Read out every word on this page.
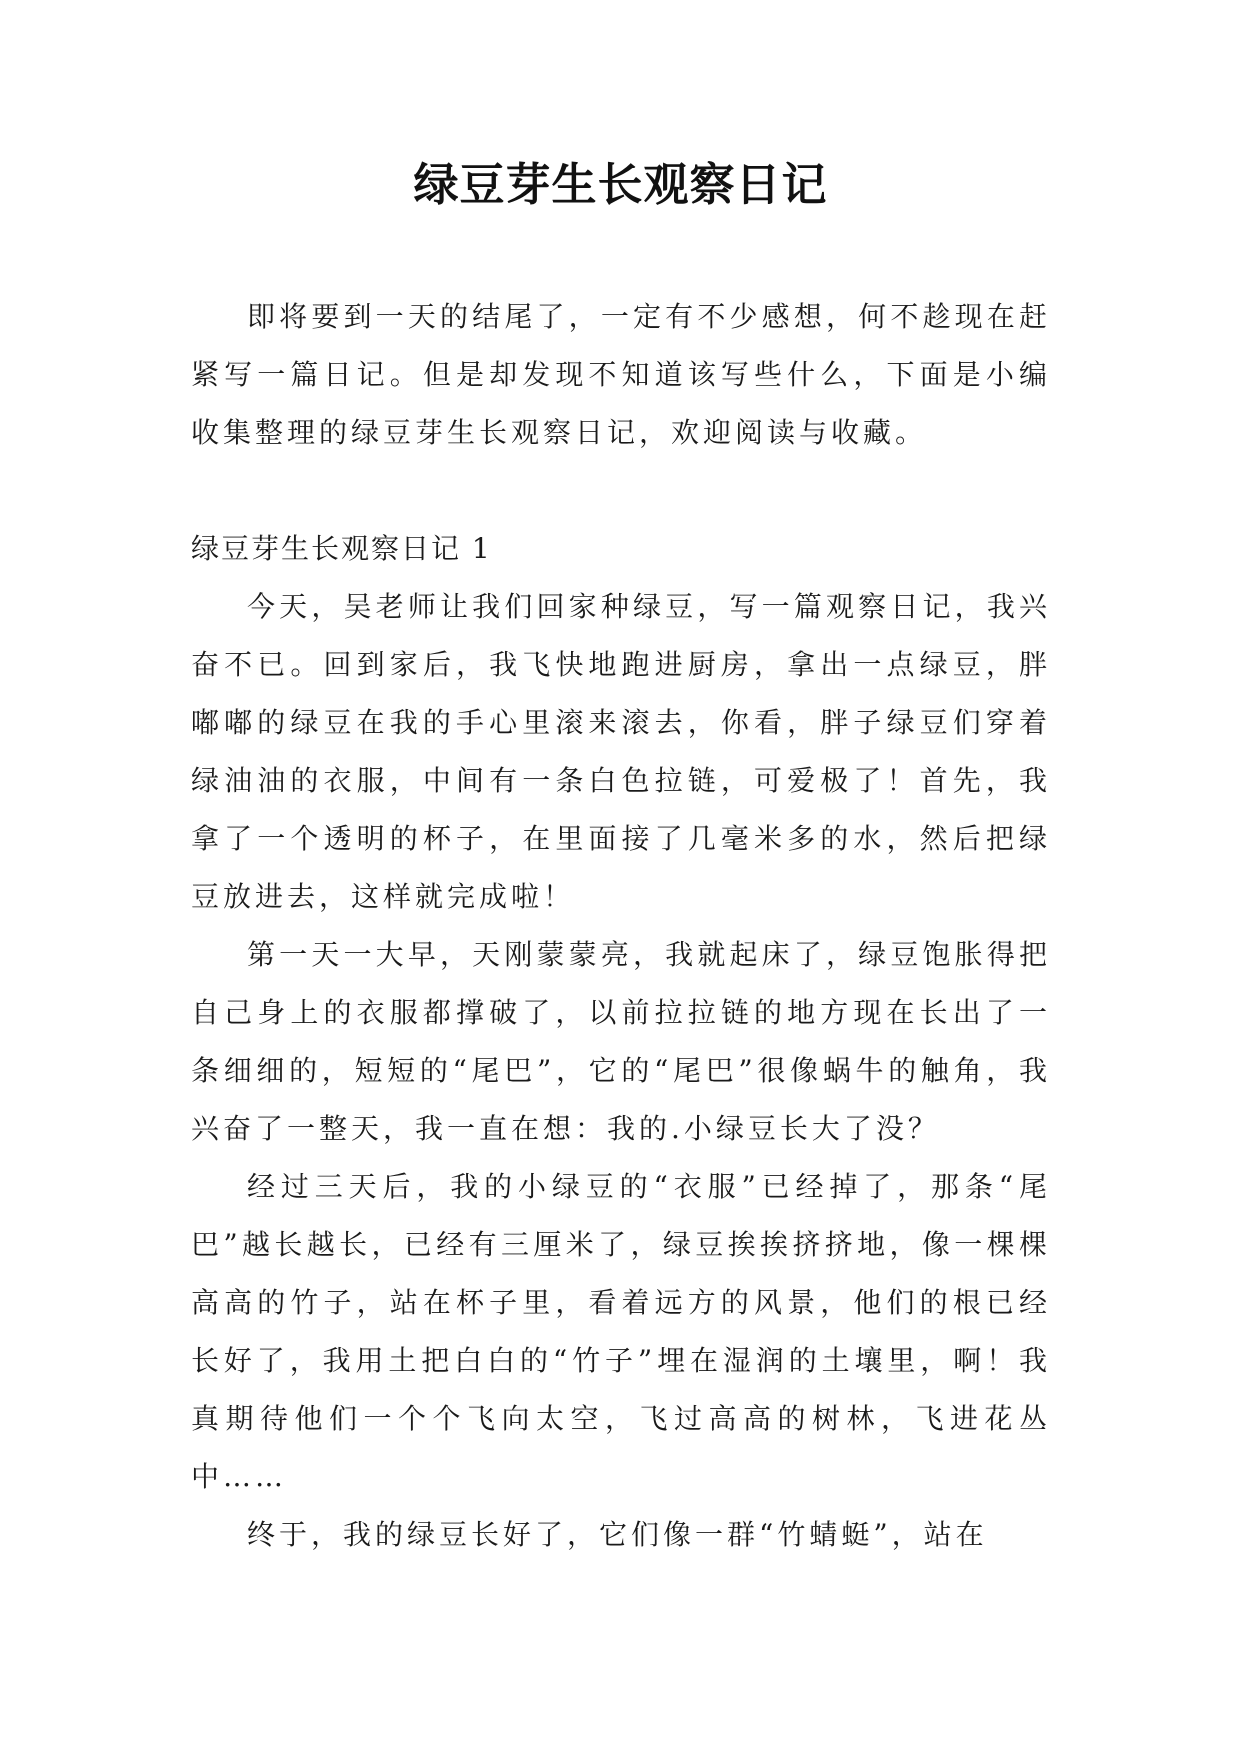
绿豆芽生长观察日记

即将要到一天的结尾了，一定有不少感想，何不趁现在赶紧写一篇日记。但是却发现不知道该写些什么，下面是小编收集整理的绿豆芽生长观察日记，欢迎阅读与收藏。

绿豆芽生长观察日记 1

今天，吴老师让我们回家种绿豆，写一篇观察日记，我兴奋不已。回到家后，我飞快地跑进厨房，拿出一点绿豆，胖嘟嘟的绿豆在我的手心里滚来滚去，你看，胖子绿豆们穿着绿油油的衣服，中间有一条白色拉链，可爱极了！首先，我拿了一个透明的杯子，在里面接了几毫米多的水，然后把绿豆放进去，这样就完成啦！

第一天一大早，天刚蒙蒙亮，我就起床了，绿豆饱胀得把自己身上的衣服都撑破了，以前拉拉链的地方现在长出了一条细细的，短短的“尾巴”，它的“尾巴”很像蜗牛的触角，我兴奋了一整天，我一直在想：我的.小绿豆长大了没？

经过三天后，我的小绿豆的“衣服”已经掉了，那条“尾巴”越长越长，已经有三厘米了，绿豆挨挨挤挤地，像一棵棵高高的竹子，站在杯子里，看着远方的风景，他们的根已经长好了，我用土把白白的“竹子”埋在湿润的土壤里，啊！我真期待他们一个个飞向太空，飞过高高的树林，飞进花丛中……

终于，我的绿豆长好了，它们像一群“竹蜻蜓”，站在
